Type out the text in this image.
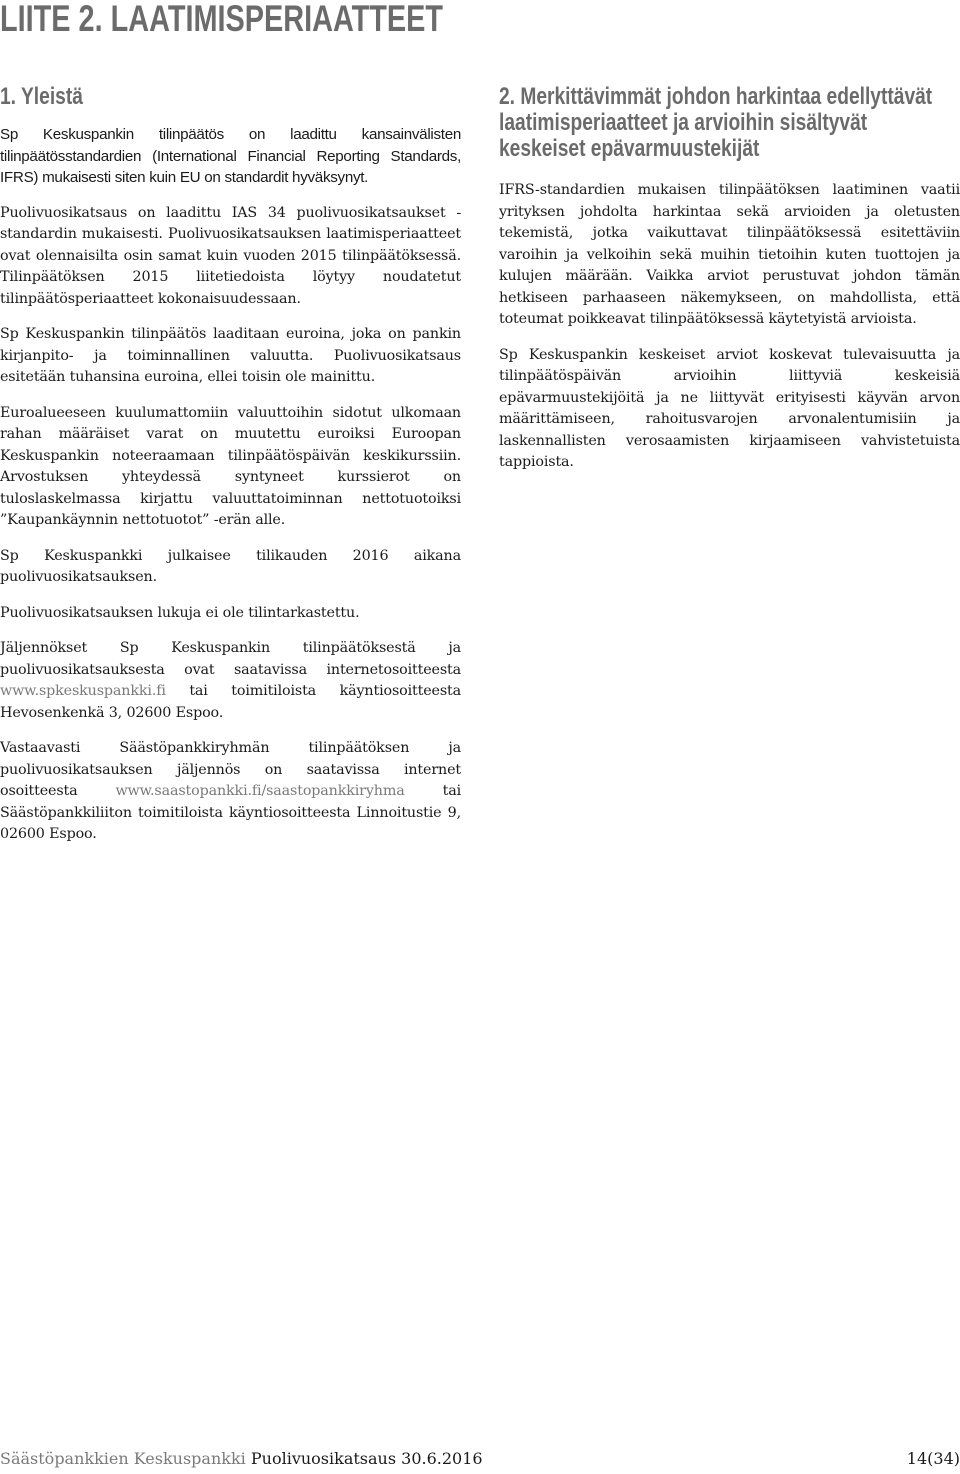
LIITE 2. LAATIMISPERIAATTEET
1. Yleistä

Sp Keskuspankin tilinpäätös on laadittu kansainvälisten tilinpäätösstandardien (International Financial Reporting Standards, IFRS) mukaisesti siten kuin EU on standardit hyväksynyt.

Puolivuosikatsaus on laadittu IAS 34 puolivuosikatsaukset -standardin mukaisesti. Puolivuosikatsauksen laatimisperiaatteet ovat olennaisilta osin samat kuin vuoden 2015 tilinpäätöksessä. Tilinpäätöksen 2015 liitetiedoista löytyy noudatetut tilinpäätösperiaatteet kokonaisuudessaan.

Sp Keskuspankin tilinpäätös laaditaan euroina, joka on pankin kirjanpito- ja toiminnallinen valuutta. Puolivuosikatsaus esitetään tuhansina euroina, ellei toisin ole mainittu.

Euroalueeseen kuulumattomiin valuuttoihin sidotut ulkomaan rahan määräiset varat on muutettu euroiksi Euroopan Keskuspankin noteeraamaan tilinpäätöspäivän keskikurssiin. Arvostuksen yhteydessä syntyneet kurssierot on tuloslaskelmassa kirjattu valuuttatoiminnan nettotuotoiksi ”Kaupankäynnin nettotuotot” -erän alle.

Sp Keskuspankki julkaisee tilikauden 2016 aikana puolivuosikatsauksen.

Puolivuosikatsauksen lukuja ei ole tilintarkastettu.

Jäljennökset Sp Keskuspankin tilinpäätöksestä ja puolivuosikatsauksesta ovat saatavissa internetosoitteesta www.spkeskuspankki.fi tai toimitiloista käyntiosoitteesta Hevosenkenkä 3, 02600 Espoo.

Vastaavasti Säästöpankkiryhmän tilinpäätöksen ja puolivuosikatsauksen jäljennös on saatavissa internet osoitteesta www.saastopankki.fi/saastopankkiryhma tai Säästöpankkiliiton toimitiloista käyntiosoitteesta Linnoitustie 9, 02600 Espoo.

2. Merkittävimmät johdon harkintaa edellyttävät laatimisperiaatteet ja arvioihin sisältyvät keskeiset epävarmuustekijät

IFRS-standardien mukaisen tilinpäätöksen laatiminen vaatii yrityksen johdolta harkintaa sekä arvioiden ja oletusten tekemistä, jotka vaikuttavat tilinpäätöksessä esitettäviin varoihin ja velkoihin sekä muihin tietoihin kuten tuottojen ja kulujen määrään. Vaikka arviot perustuvat johdon tämän hetkiseen parhaaseen näkemykseen, on mahdollista, että toteumat poikkeavat tilinpäätöksessä käytetyistä arvioista.

Sp Keskuspankin keskeiset arviot koskevat tulevaisuutta ja tilinpäätöspäivän arvioihin liittyviä keskeisiä epävarmuustekijöitä ja ne liittyvät erityisesti käyvän arvon määrittämiseen, rahoitusvarojen arvonalentumisiin ja laskennallisten verosaamisten kirjaamiseen vahvistetuista tappioista.

Säästöpankkien Keskuspankki Puolivuosikatsaus 30.6.2016	14(34)
